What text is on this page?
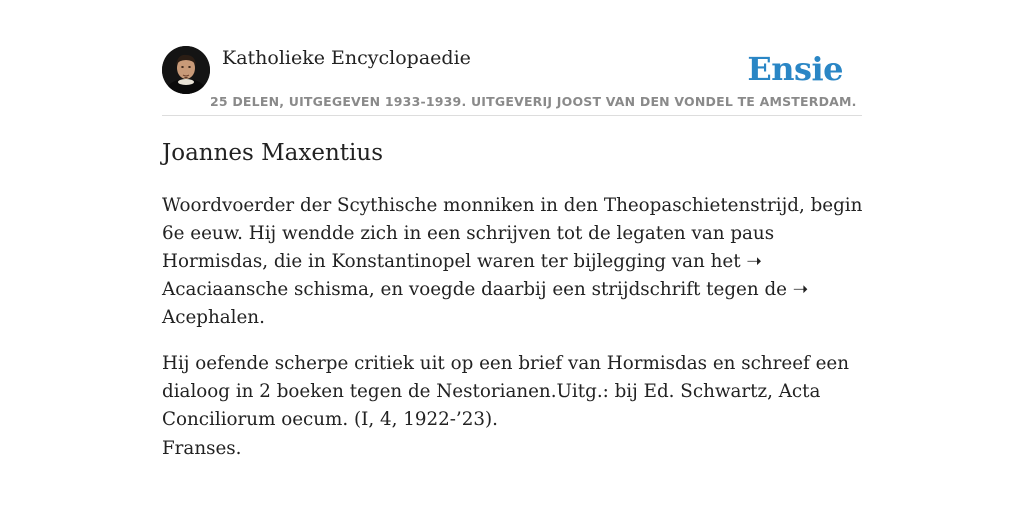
Katholieke Encyclopaedie	Ensie
25 DELEN, UITGEGEVEN 1933-1939. UITGEVERIJ JOOST VAN DEN VONDEL TE AMSTERDAM.
Joannes Maxentius

Woordvoerder der Scythische monniken in den Theopaschietenstrijd, begin 6e eeuw. Hij wendde zich in een schrijven tot de legaten van paus Hormisdas, die in Konstantinopel waren ter bijlegging van het ➝ Acaciaansche schisma, en voegde daarbij een strijdschrift tegen de ➝ Acephalen.

Hij oefende scherpe critiek uit op een brief van Hormisdas en schreef een dialoog in 2 boeken tegen de Nestorianen.Uitg.: bij Ed. Schwartz, Acta Conciliorum oecum. (I, 4, 1922-’23).

Franses.
